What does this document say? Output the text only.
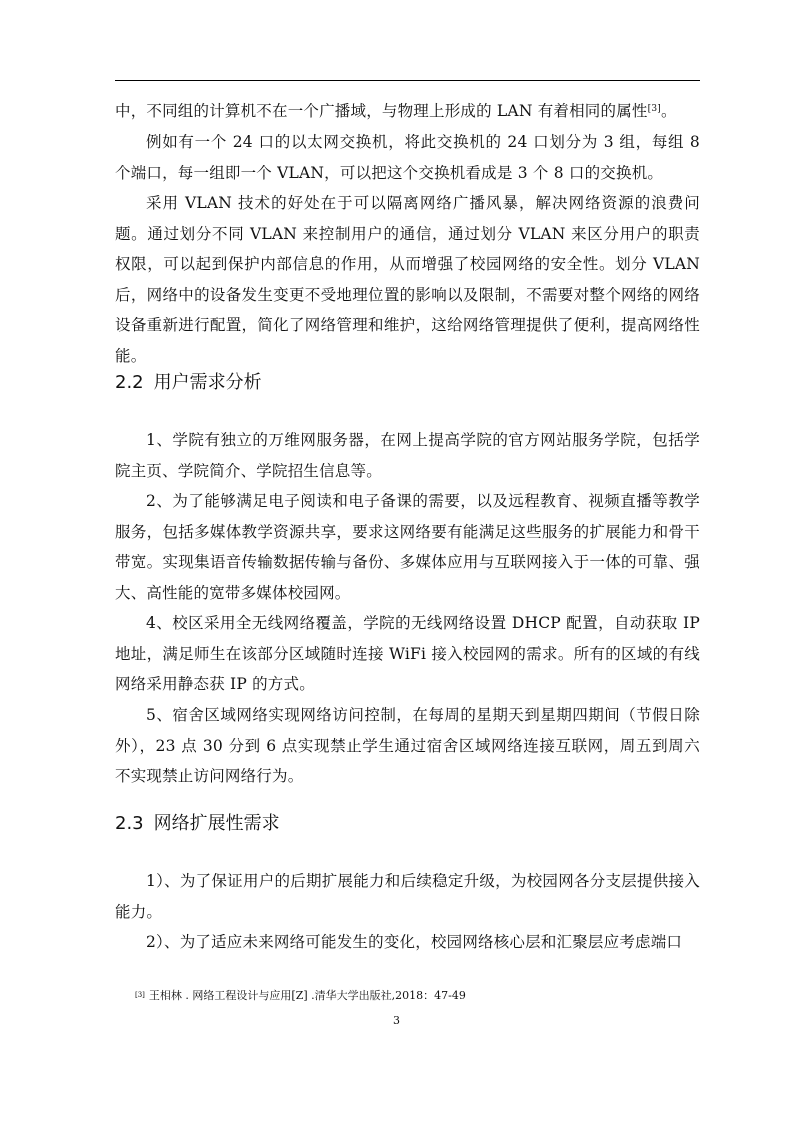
中，不同组的计算机不在一个广播域，与物理上形成的 LAN 有着相同的属性[3]。

例如有一个 24 口的以太网交换机，将此交换机的 24 口划分为 3 组，每组 8 个端口，每一组即一个 VLAN，可以把这个交换机看成是 3 个 8 口的交换机。

采用 VLAN 技术的好处在于可以隔离网络广播风暴，解决网络资源的浪费问题。通过划分不同 VLAN 来控制用户的通信，通过划分 VLAN 来区分用户的职责权限，可以起到保护内部信息的作用，从而增强了校园网络的安全性。划分 VLAN 后，网络中的设备发生变更不受地理位置的影响以及限制，不需要对整个网络的网络设备重新进行配置，简化了网络管理和维护，这给网络管理提供了便利，提高网络性能。

2.2 用户需求分析

1、学院有独立的万维网服务器，在网上提高学院的官方网站服务学院，包括学院主页、学院简介、学院招生信息等。

2、为了能够满足电子阅读和电子备课的需要，以及远程教育、视频直播等教学服务，包括多媒体教学资源共享，要求这网络要有能满足这些服务的扩展能力和骨干带宽。实现集语音传输数据传输与备份、多媒体应用与互联网接入于一体的可靠、强大、高性能的宽带多媒体校园网。

4、校区采用全无线网络覆盖，学院的无线网络设置 DHCP 配置，自动获取 IP 地址，满足师生在该部分区域随时连接 WiFi 接入校园网的需求。所有的区域的有线网络采用静态获 IP 的方式。

5、宿舍区域网络实现网络访问控制，在每周的星期天到星期四期间（节假日除外），23 点 30 分到 6 点实现禁止学生通过宿舍区域网络连接互联网，周五到周六不实现禁止访问网络行为。

2.3 网络扩展性需求

1）、为了保证用户的后期扩展能力和后续稳定升级，为校园网各分支层提供接入能力。

2）、为了适应未来网络可能发生的变化，校园网络核心层和汇聚层应考虑端口

[3] 王相林 . 网络工程设计与应用[Z] .清华大学出版社,2018：47-49

3
